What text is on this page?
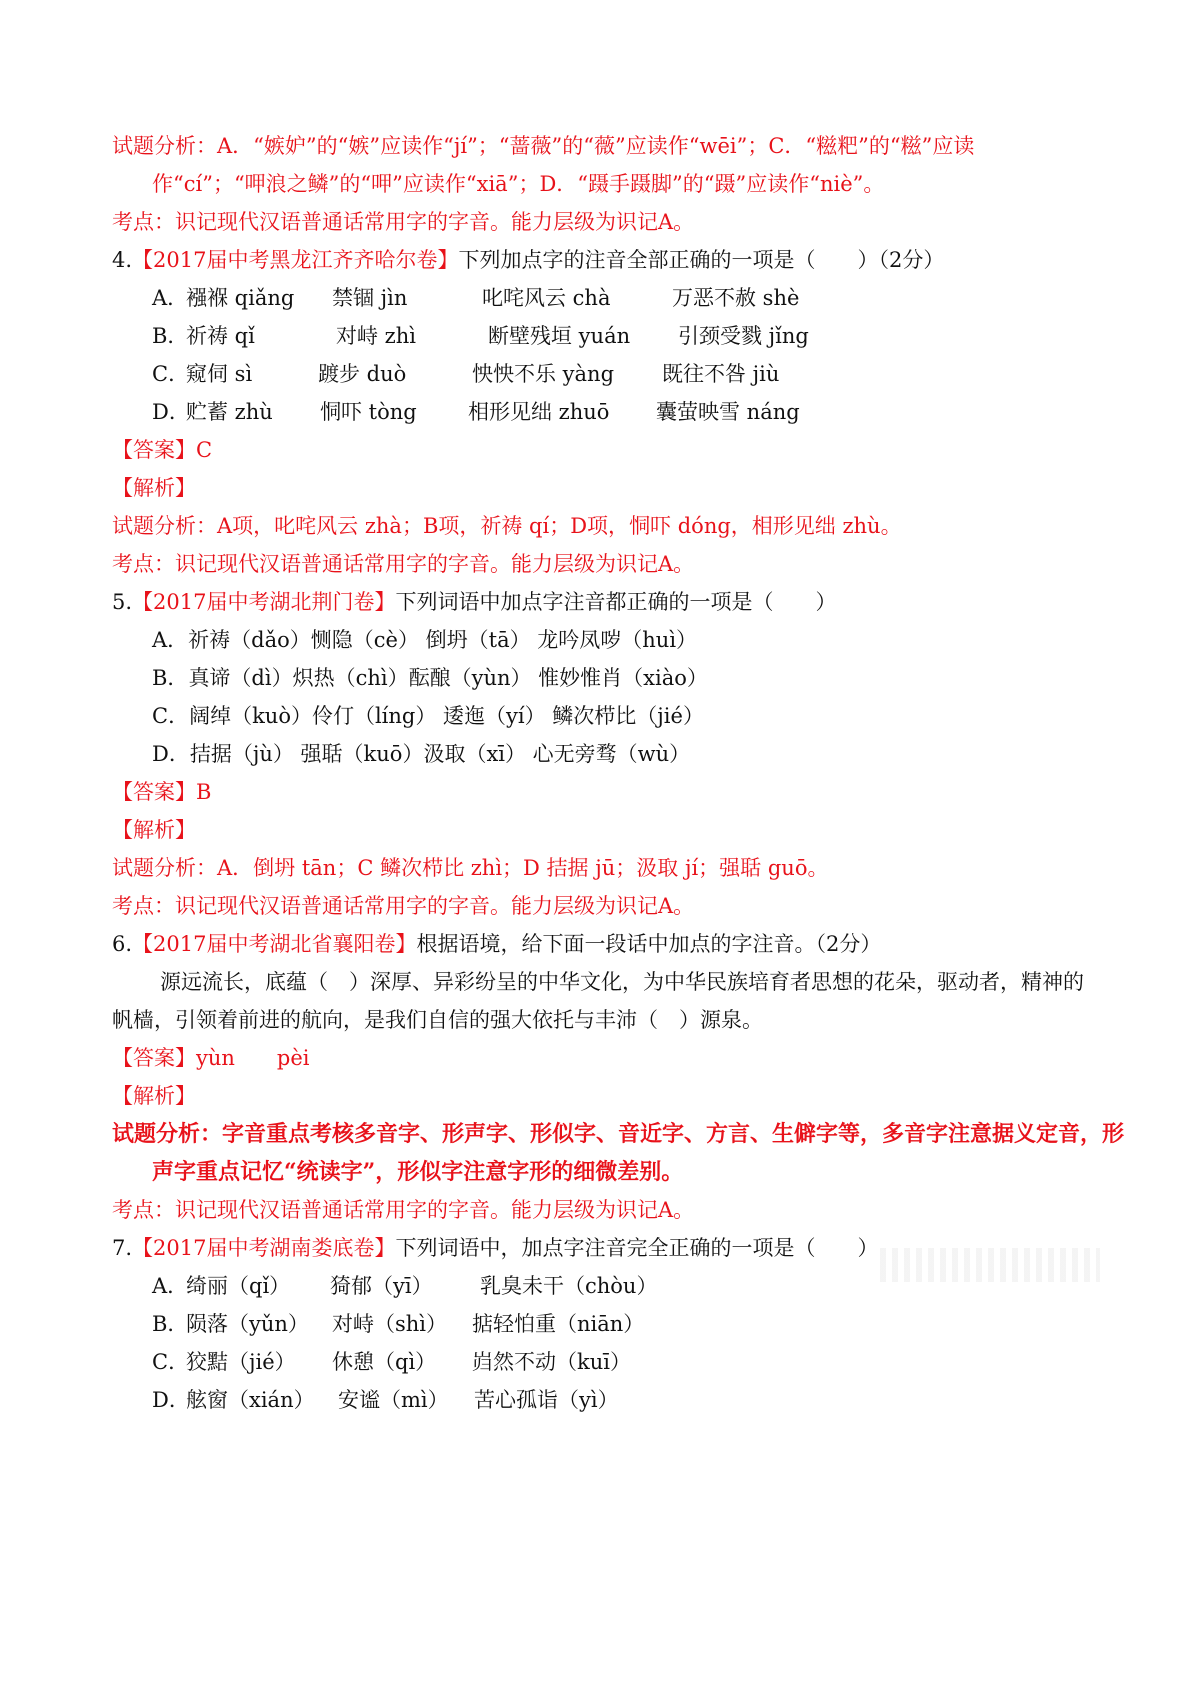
试题分析：A．“嫉妒”的“嫉”应读作“jí”；“蔷薇”的“薇”应读作“wēi”；C．“糍粑”的“糍”应读
作“cí”；“呷浪之鳞”的“呷”应读作“xiā”；D．“蹑手蹑脚”的“蹑”应读作“niè”。
考点：识记现代汉语普通话常用字的字音。能力层级为识记A。
4.【2017届中考黑龙江齐齐哈尔卷】下列加点字的注音全部正确的一项是（　　）（2分）
A．
襁褓 qiǎng 禁锢 jìn	叱咤风云 chà	万恶不赦 shè
B．
祈祷 qǐ	对峙 zhì	断壁残垣 yuán 引颈受戮 jǐng
C．
窥伺 sì	踱步 duò	怏怏不乐 yàng 既往不咎 jiù
D．
贮蓄 zhù 恫吓 tòng 相形见绌 zhuō 囊萤映雪 náng
【答案】C
【解析】
试题分析：A项，叱咤风云 zhà；B项，祈祷 qí；D项，恫吓 dóng，相形见绌 zhù。
考点：识记现代汉语普通话常用字的字音。能力层级为识记A。
5.【2017届中考湖北荆门卷】下列词语中加点字注音都正确的一项是（　　）
A．祈祷（dǎo）恻隐（cè） 倒坍（tā） 龙吟凤哕（huì）
B．真谛（dì）炽热（chì）酝酿（yùn） 惟妙惟肖（xiào）
C．阔绰（kuò）伶仃（líng） 逶迤（yí） 鳞次栉比（jié）
D．拮据（jù） 强聒（kuō）汲取（xī） 心无旁骛（wù）
【答案】B
【解析】
试题分析：A．倒坍 tān；C 鳞次栉比 zhì；D 拮据 jū；汲取 jí；强聒 guō。
考点：识记现代汉语普通话常用字的字音。能力层级为识记A。
6.【2017届中考湖北省襄阳卷】根据语境，给下面一段话中加点的字注音。（2分）
源远流长，底蕴（　）深厚、异彩纷呈的中华文化，为中华民族培育者思想的花朵，驱动者，精神的
帆樯，引领着前进的航向，是我们自信的强大依托与丰沛（　）源泉。
【答案】yùn　　pèi
【解析】
试题分析：字音重点考核多音字、形声字、形似字、音近字、方言、生僻字等，多音字注意据义定音，形
声字重点记忆“统读字”，形似字注意字形的细微差别。
考点：识记现代汉语普通话常用字的字音。能力层级为识记A。
7.【2017届中考湖南娄底卷】下列词语中，加点字注音完全正确的一项是（　　）
A．
绮丽（qǐ） 猗郁（yī） 乳臭未干（chòu）
B．
陨落（yǔn） 对峙（shì） 掂轻怕重（niān）
C．
狡黠（jié） 休憩（qì） 岿然不动（kuī）
D．
舷窗（xián） 安谧（mì） 苦心孤诣（yì）
